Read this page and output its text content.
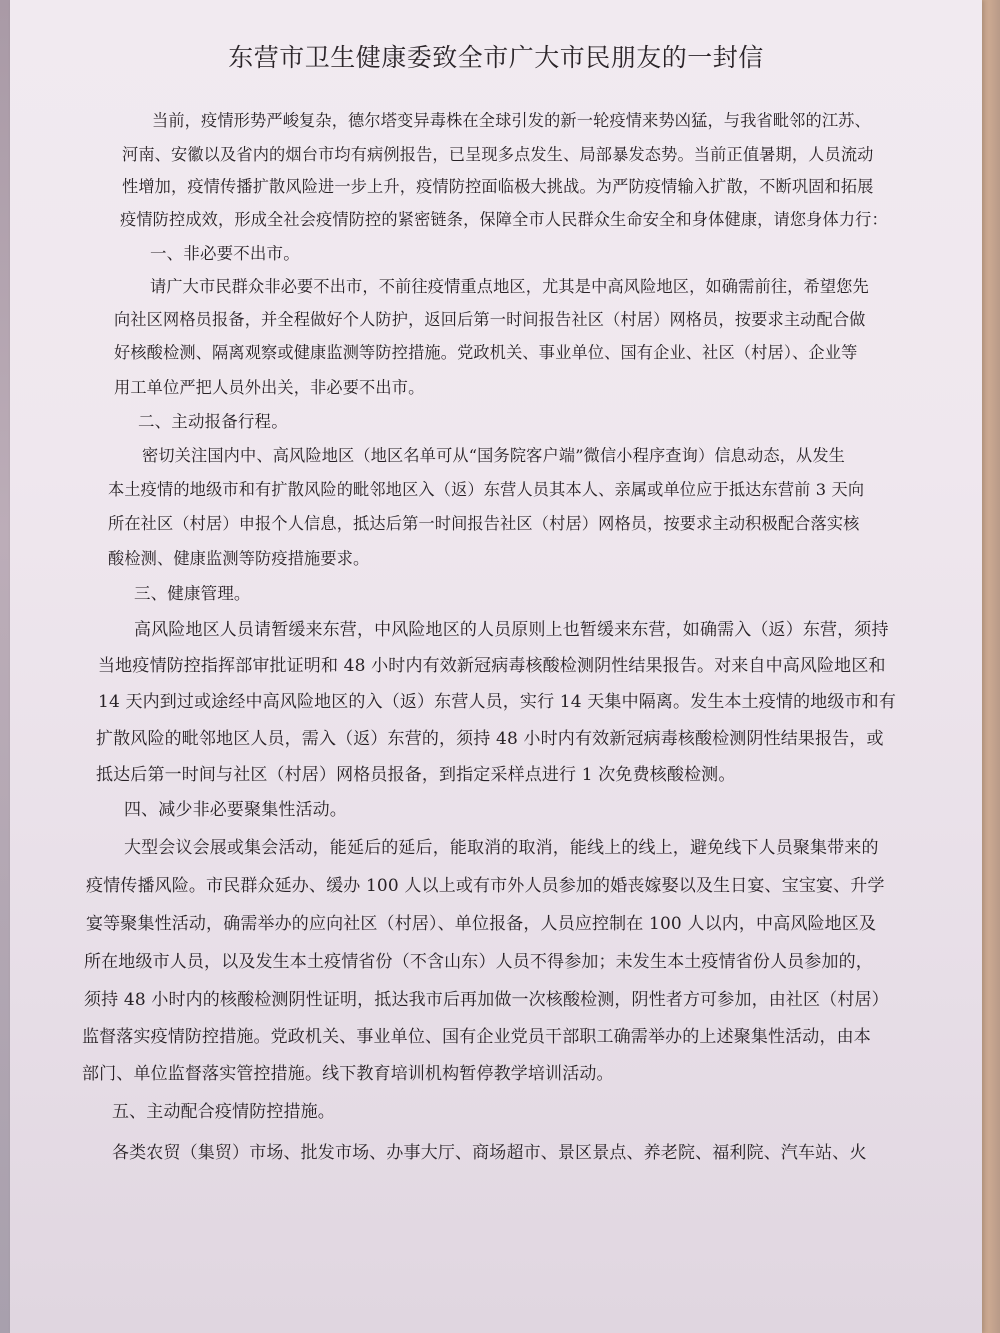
东营市卫生健康委致全市广大市民朋友的一封信
当前，疫情形势严峻复杂，德尔塔变异毒株在全球引发的新一轮疫情来势凶猛，与我省毗邻的江苏、
河南、安徽以及省内的烟台市均有病例报告，已呈现多点发生、局部暴发态势。当前正值暑期，人员流动
性增加，疫情传播扩散风险进一步上升，疫情防控面临极大挑战。为严防疫情输入扩散，不断巩固和拓展
疫情防控成效，形成全社会疫情防控的紧密链条，保障全市人民群众生命安全和身体健康，请您身体力行：
一、非必要不出市。
请广大市民群众非必要不出市，不前往疫情重点地区，尤其是中高风险地区，如确需前往，希望您先
向社区网格员报备，并全程做好个人防护，返回后第一时间报告社区（村居）网格员，按要求主动配合做
好核酸检测、隔离观察或健康监测等防控措施。党政机关、事业单位、国有企业、社区（村居）、企业等
用工单位严把人员外出关，非必要不出市。
二、主动报备行程。
密切关注国内中、高风险地区（地区名单可从“国务院客户端”微信小程序查询）信息动态，从发生
本土疫情的地级市和有扩散风险的毗邻地区入（返）东营人员其本人、亲属或单位应于抵达东营前 3 天向
所在社区（村居）申报个人信息，抵达后第一时间报告社区（村居）网格员，按要求主动积极配合落实核
酸检测、健康监测等防疫措施要求。
三、健康管理。
高风险地区人员请暂缓来东营，中风险地区的人员原则上也暂缓来东营，如确需入（返）东营，须持
当地疫情防控指挥部审批证明和 48 小时内有效新冠病毒核酸检测阴性结果报告。对来自中高风险地区和
14 天内到过或途经中高风险地区的入（返）东营人员，实行 14 天集中隔离。发生本土疫情的地级市和有
扩散风险的毗邻地区人员，需入（返）东营的，须持 48 小时内有效新冠病毒核酸检测阴性结果报告，或
抵达后第一时间与社区（村居）网格员报备，到指定采样点进行 1 次免费核酸检测。
四、减少非必要聚集性活动。
大型会议会展或集会活动，能延后的延后，能取消的取消，能线上的线上，避免线下人员聚集带来的
疫情传播风险。市民群众延办、缓办 100 人以上或有市外人员参加的婚丧嫁娶以及生日宴、宝宝宴、升学
宴等聚集性活动，确需举办的应向社区（村居）、单位报备，人员应控制在 100 人以内，中高风险地区及
所在地级市人员，以及发生本土疫情省份（不含山东）人员不得参加；未发生本土疫情省份人员参加的，
须持 48 小时内的核酸检测阴性证明，抵达我市后再加做一次核酸检测，阴性者方可参加，由社区（村居）
监督落实疫情防控措施。党政机关、事业单位、国有企业党员干部职工确需举办的上述聚集性活动，由本
部门、单位监督落实管控措施。线下教育培训机构暂停教学培训活动。
五、主动配合疫情防控措施。
各类农贸（集贸）市场、批发市场、办事大厅、商场超市、景区景点、养老院、福利院、汽车站、火
